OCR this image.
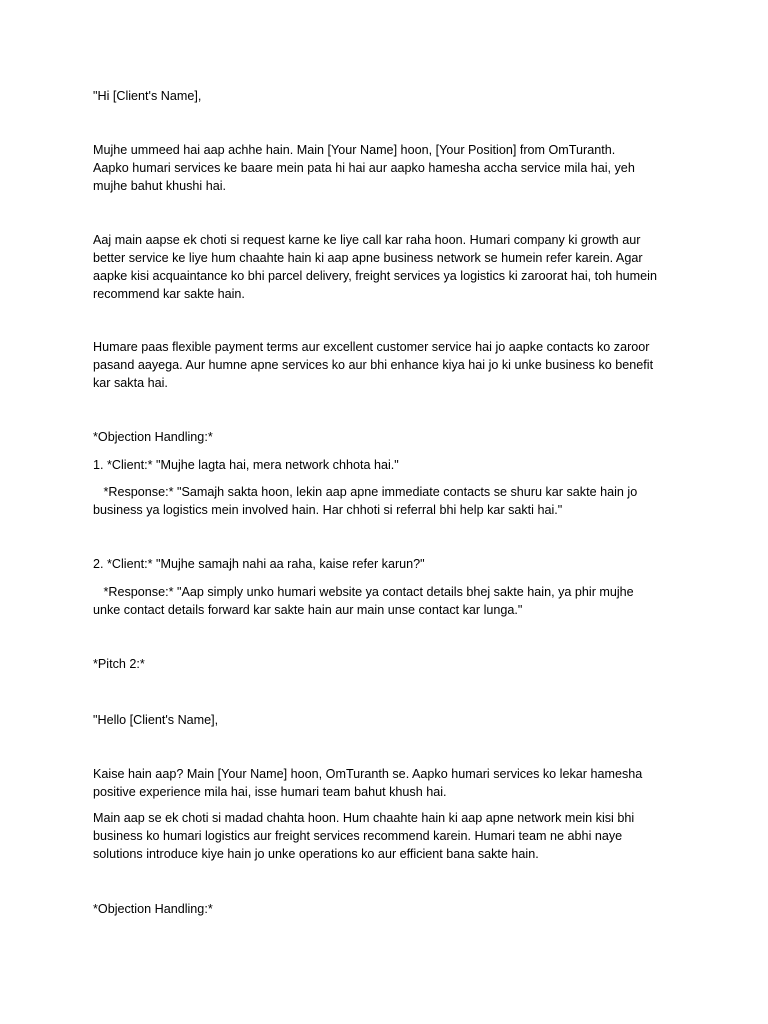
"Hi [Client's Name],
Mujhe ummeed hai aap achhe hain. Main [Your Name] hoon, [Your Position] from OmTuranth.
Aapko humari services ke baare mein pata hi hai aur aapko hamesha accha service mila hai, yeh
mujhe bahut khushi hai.
Aaj main aapse ek choti si request karne ke liye call kar raha hoon. Humari company ki growth aur
better service ke liye hum chaahte hain ki aap apne business network se humein refer karein. Agar
aapke kisi acquaintance ko bhi parcel delivery, freight services ya logistics ki zaroorat hai, toh humein
recommend kar sakte hain.
Humare paas flexible payment terms aur excellent customer service hai jo aapke contacts ko zaroor
pasand aayega. Aur humne apne services ko aur bhi enhance kiya hai jo ki unke business ko benefit
kar sakta hai.
*Objection Handling:*
1. *Client:* "Mujhe lagta hai, mera network chhota hai."
*Response:* "Samajh sakta hoon, lekin aap apne immediate contacts se shuru kar sakte hain jo
business ya logistics mein involved hain. Har chhoti si referral bhi help kar sakti hai."
2. *Client:* "Mujhe samajh nahi aa raha, kaise refer karun?"
*Response:* "Aap simply unko humari website ya contact details bhej sakte hain, ya phir mujhe
unke contact details forward kar sakte hain aur main unse contact kar lunga."
*Pitch 2:*
"Hello [Client's Name],
Kaise hain aap? Main [Your Name] hoon, OmTuranth se. Aapko humari services ko lekar hamesha
positive experience mila hai, isse humari team bahut khush hai.
Main aap se ek choti si madad chahta hoon. Hum chaahte hain ki aap apne network mein kisi bhi
business ko humari logistics aur freight services recommend karein. Humari team ne abhi naye
solutions introduce kiye hain jo unke operations ko aur efficient bana sakte hain.
*Objection Handling:*
